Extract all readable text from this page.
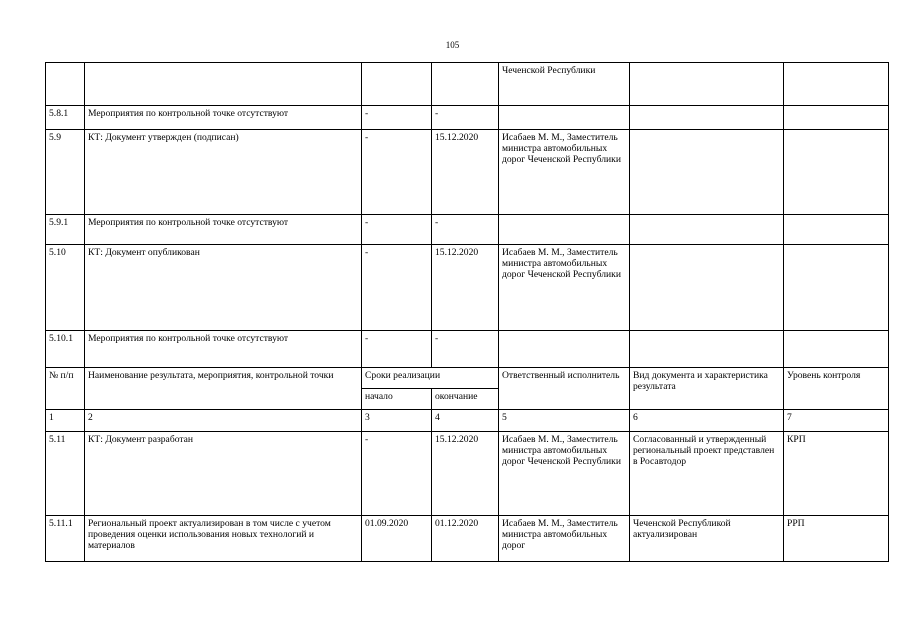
105
				Чеченской Республики		
5.8.1	Мероприятия по контрольной точке отсутствуют	-	-			
5.9	КТ: Документ утвержден (подписан)	-	15.12.2020	Исабаев М. М., Заместитель министра автомобильных дорог Чеченской Республики		
5.9.1	Мероприятия по контрольной точке отсутствуют	-	-			
5.10	КТ: Документ опубликован	-	15.12.2020	Исабаев М. М., Заместитель министра автомобильных дорог Чеченской Республики		
5.10.1	Мероприятия по контрольной точке отсутствуют	-	-			
№ п/п	Наименование результата, мероприятия, контрольной точки	Сроки реализации		Ответственный исполнитель	Вид документа и характеристика результата	Уровень контроля
		начало	окончание			
1	2	3	4	5	6	7
5.11	КТ: Документ разработан	-	15.12.2020	Исабаев М. М., Заместитель министра автомобильных дорог Чеченской Республики	Согласованный и утвержденный региональный проект представлен в Росавтодор	КРП
5.11.1	Региональный проект актуализирован в том числе с учетом проведения оценки использования новых технологий и материалов	01.09.2020	01.12.2020	Исабаев М. М., Заместитель министра автомобильных дорог	Чеченской Республикой актуализирован	РРП
